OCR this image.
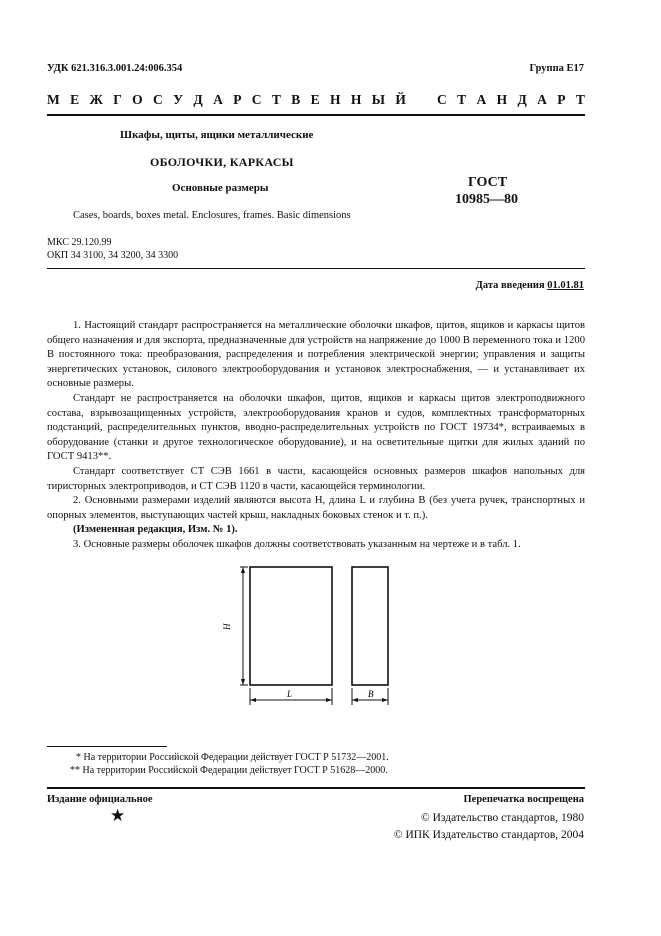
УДК 621.316.3.001.24:006.354	Группа Е17
М Е Ж Г О С У Д А Р С Т В Е Н Н Ы Й С Т А Н Д А Р Т
Шкафы, щиты, ящики металлические
ОБОЛОЧКИ, КАРКАСЫ
Основные размеры	ГОСТ
10985—80
Cases, boards, boxes metal. Enclosures, frames. Basic dimensions
МКС 29.120.99
ОКП 34 3100, 34 3200, 34 3300
Дата введения 01.01.81

1. Настоящий стандарт распространяется на металлические оболочки шкафов, щитов, ящиков и каркасы щитов общего назначения и для экспорта, предназначенные для устройств на напряжение до 1000 В переменного тока и 1200 В постоянного тока: преобразования, распределения и потребления электрической энергии; управления и защиты энергетических установок, силового электрооборудования и установок электроснабжения, — и устанавливает их основные размеры.

Стандарт не распространяется на оболочки шкафов, щитов, ящиков и каркасы щитов электроподвижного состава, взрывозащищенных устройств, электрооборудования кранов и судов, комплектных трансформаторных подстанций, распределительных пунктов, вводно-распределительных устройств по ГОСТ 19734*, встраиваемых в оборудование (станки и другое технологическое оборудование), и на осветительные щитки для жилых зданий по ГОСТ 9413**.

Стандарт соответствует СТ СЭВ 1661 в части, касающейся основных размеров шкафов напольных для тиристорных электроприводов, и СТ СЭВ 1120 в части, касающейся терминологии.

2. Основными размерами изделий являются высота H, длина L и глубина B (без учета ручек, транспортных и опорных элементов, выступающих частей крыш, накладных боковых стенок и т. п.).

(Измененная редакция, Изм. № 1).

3. Основные размеры оболочек шкафов должны соответствовать указанным на чертеже и в табл. 1.

H
L	B
* На территории Российской Федерации действует ГОСТ Р 51732—2001.
** На территории Российской Федерации действует ГОСТ Р 51628—2000.
Издание официальное	Перепечатка воспрещена
★	© Издательство стандартов, 1980
© ИПК Издательство стандартов, 2004
